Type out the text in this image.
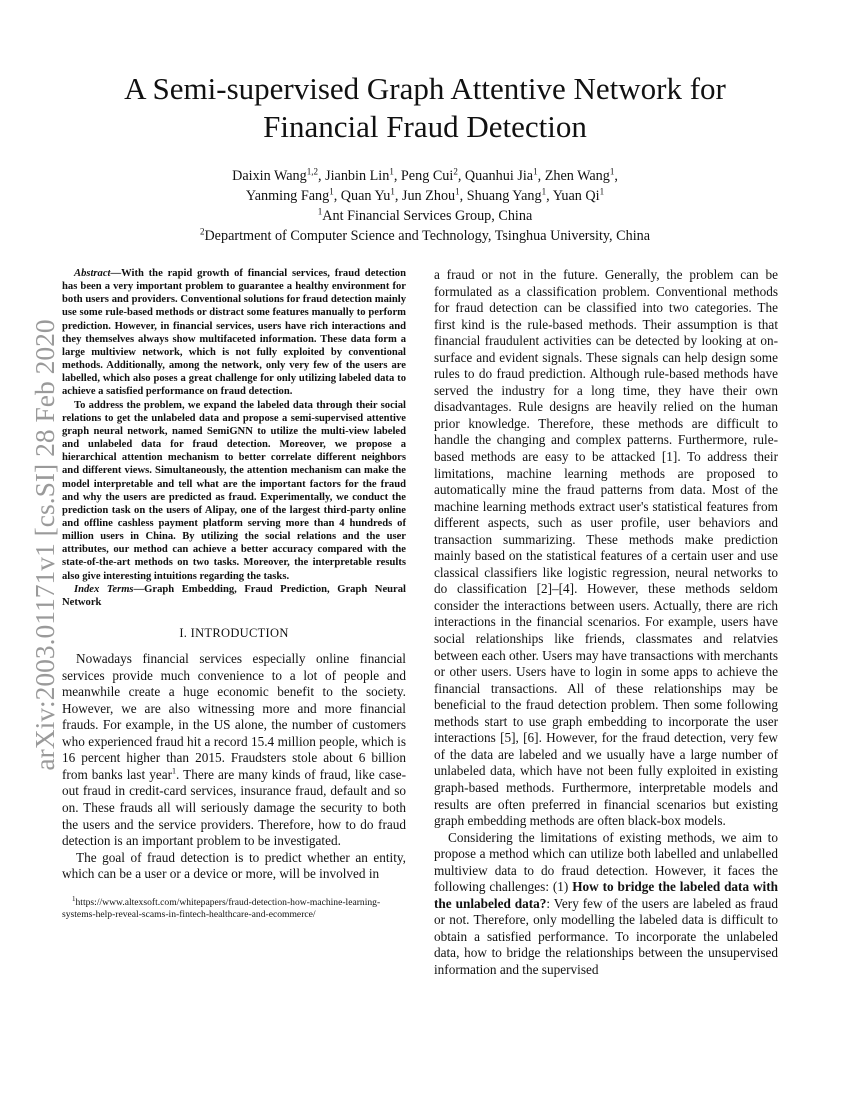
A Semi-supervised Graph Attentive Network for
Financial Fraud Detection
Daixin Wang$^{1,2}$, Jianbin Lin$^1$, Peng Cui$^2$, Quanhui Jia$^1$, Zhen Wang$^1$,
Yanming Fang$^1$, Quan Yu$^1$, Jun Zhou$^1$, Shuang Yang$^1$, Yuan Qi$^1$
$^1$Ant Financial Services Group, China
$^2$Department of Computer Science and Technology, Tsinghua University, China
arXiv:2003.01171v1 [cs.SI] 28 Feb 2020

Abstract—With the rapid growth of financial services, fraud detection has been a very important problem to guarantee a healthy environment for both users and providers. Conventional solutions for fraud detection mainly use some rule-based methods or distract some features manually to perform prediction. However, in financial services, users have rich interactions and they themselves always show multifaceted information. These data form a large multiview network, which is not fully exploited by conventional methods. Additionally, among the network, only very few of the users are labelled, which also poses a great challenge for only utilizing labeled data to achieve a satisfied performance on fraud detection.

To address the problem, we expand the labeled data through their social relations to get the unlabeled data and propose a semi-supervised attentive graph neural network, named SemiGNN to utilize the multi-view labeled and unlabeled data for fraud detection. Moreover, we propose a hierarchical attention mechanism to better correlate different neighbors and different views. Simultaneously, the attention mechanism can make the model interpretable and tell what are the important factors for the fraud and why the users are predicted as fraud. Experimentally, we conduct the prediction task on the users of Alipay, one of the largest third-party online and offline cashless payment platform serving more than 4 hundreds of million users in China. By utilizing the social relations and the user attributes, our method can achieve a better accuracy compared with the state-of-the-art methods on two tasks. Moreover, the interpretable results also give interesting intuitions regarding the tasks.

Index Terms—Graph Embedding, Fraud Prediction, Graph Neural Network

I. INTRODUCTION

Nowadays financial services especially online financial services provide much convenience to a lot of people and meanwhile create a huge economic benefit to the society. However, we are also witnessing more and more financial frauds. For example, in the US alone, the number of customers who experienced fraud hit a record 15.4 million people, which is 16 percent higher than 2015. Fraudsters stole about 6 billion from banks last year$^1$. There are many kinds of fraud, like case-out fraud in credit-card services, insurance fraud, default and so on. These frauds all will seriously damage the security to both the users and the service providers. Therefore, how to do fraud detection is an important problem to be investigated.

The goal of fraud detection is to predict whether an entity, which can be a user or a device or more, will be involved in

$^1$https://www.altexsoft.com/whitepapers/fraud-detection-how-machine-learning-systems-help-reveal-scams-in-fintech-healthcare-and-ecommerce/

a fraud or not in the future. Generally, the problem can be formulated as a classification problem. Conventional methods for fraud detection can be classified into two categories. The first kind is the rule-based methods. Their assumption is that financial fraudulent activities can be detected by looking at on-surface and evident signals. These signals can help design some rules to do fraud prediction. Although rule-based methods have served the industry for a long time, they have their own disadvantages. Rule designs are heavily relied on the human prior knowledge. Therefore, these methods are difficult to handle the changing and complex patterns. Furthermore, rule-based methods are easy to be attacked [1]. To address their limitations, machine learning methods are proposed to automatically mine the fraud patterns from data. Most of the machine learning methods extract user's statistical features from different aspects, such as user profile, user behaviors and transaction summarizing. These methods make prediction mainly based on the statistical features of a certain user and use classical classifiers like logistic regression, neural networks to do classification [2]–[4]. However, these methods seldom consider the interactions between users. Actually, there are rich interactions in the financial scenarios. For example, users have social relationships like friends, classmates and relatvies between each other. Users may have transactions with merchants or other users. Users have to login in some apps to achieve the financial transactions. All of these relationships may be beneficial to the fraud detection problem. Then some following methods start to use graph embedding to incorporate the user interactions [5], [6]. However, for the fraud detection, very few of the data are labeled and we usually have a large number of unlabeled data, which have not been fully exploited in existing graph-based methods. Furthermore, interpretable models and results are often preferred in financial scenarios but existing graph embedding methods are often black-box models.

Considering the limitations of existing methods, we aim to propose a method which can utilize both labelled and unlabelled multiview data to do fraud detection. However, it faces the following challenges: (1) How to bridge the labeled data with the unlabeled data?: Very few of the users are labeled as fraud or not. Therefore, only modelling the labeled data is difficult to obtain a satisfied performance. To incorporate the unlabeled data, how to bridge the relationships between the unsupervised information and the supervised
